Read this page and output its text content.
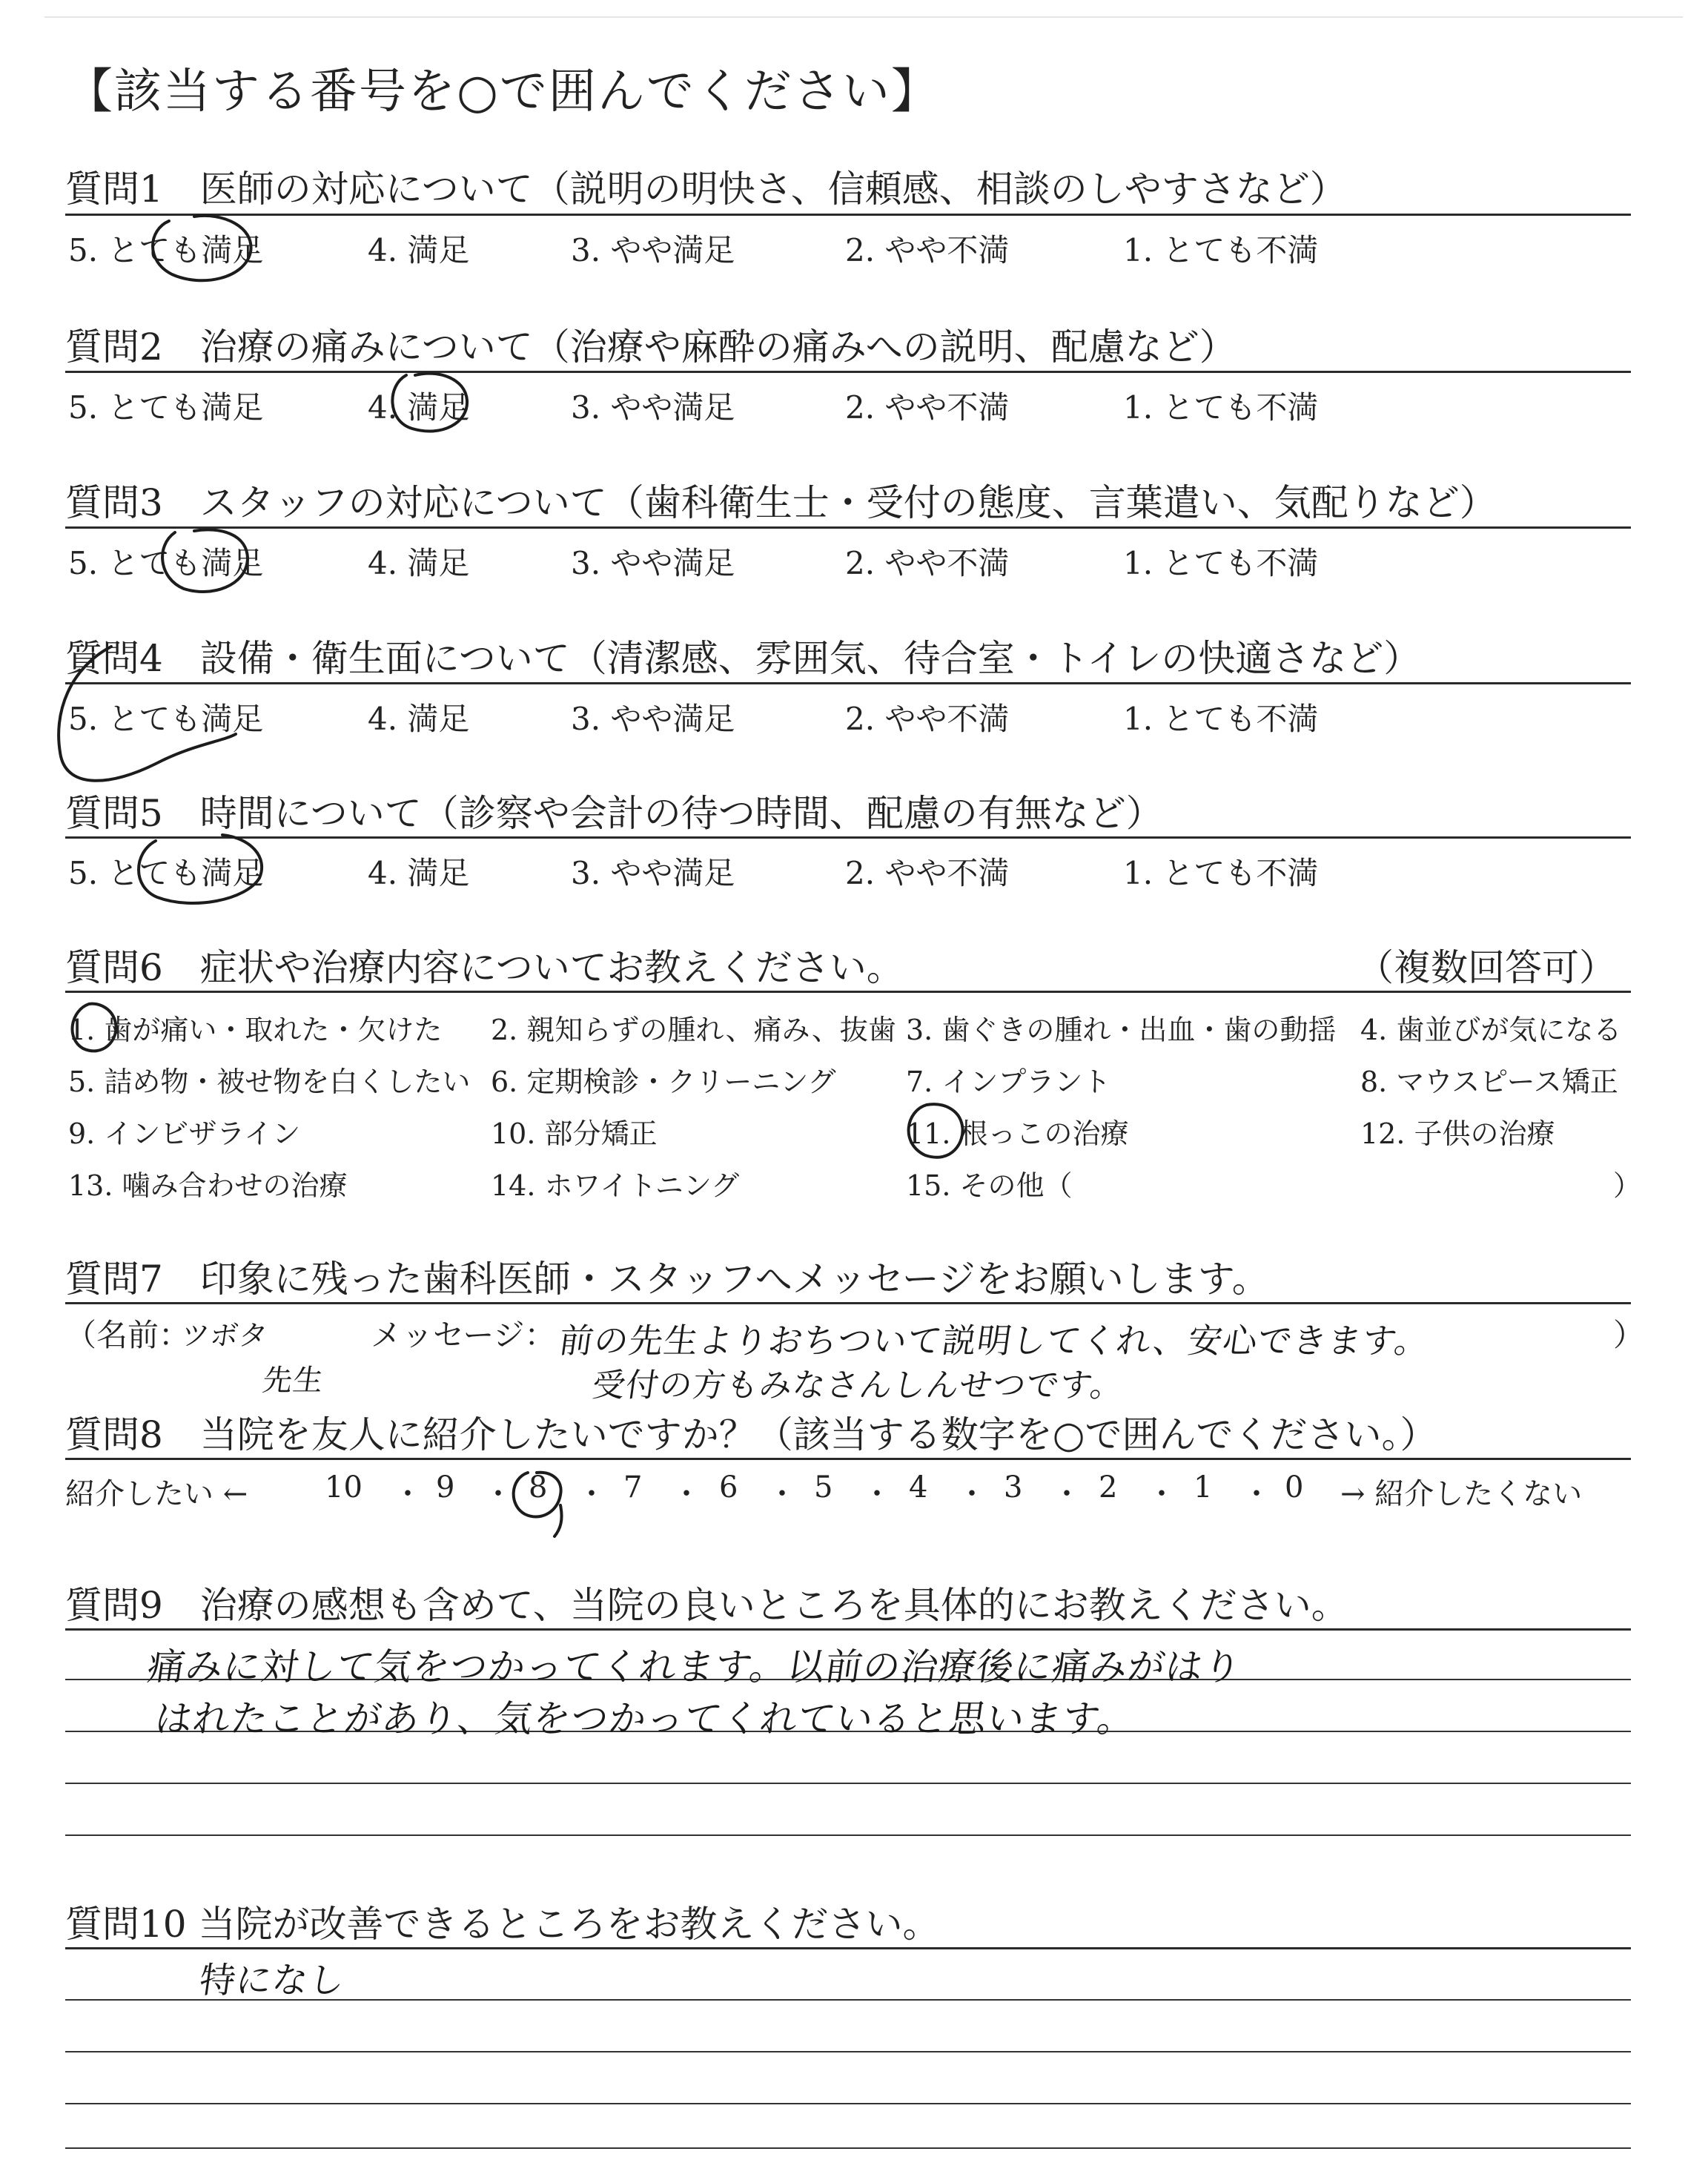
【該当する番号を○で囲んでください】
質問1　医師の対応について（説明の明快さ、信頼感、相談のしやすさなど）
5. とても満足	4. 満足	3. やや満足	2. やや不満	1. とても不満
質問2　治療の痛みについて（治療や麻酔の痛みへの説明、配慮など）
5. とても満足	4. 満足	3. やや満足	2. やや不満	1. とても不満
質問3　スタッフの対応について（歯科衛生士・受付の態度、言葉遣い、気配りなど）
5. とても満足	4. 満足	3. やや満足	2. やや不満	1. とても不満
質問4　設備・衛生面について（清潔感、雰囲気、待合室・トイレの快適さなど）
5. とても満足	4. 満足	3. やや満足	2. やや不満	1. とても不満
質問5　時間について（診察や会計の待つ時間、配慮の有無など）
5. とても満足	4. 満足	3. やや満足	2. やや不満	1. とても不満
質問6　症状や治療内容についてお教えください。	（複数回答可）
1. 歯が痛い・取れた・欠けた 2. 親知らずの腫れ、痛み、抜歯 3. 歯ぐきの腫れ・出血・歯の動揺 4. 歯並びが気になる
5. 詰め物・被せ物を白くしたい 6. 定期検診・クリーニング 7. インプラント	8. マウスピース矯正
9. インビザライン	10. 部分矯正	11. 根っこの治療	12. 子供の治療
13. 噛み合わせの治療	14. ホワイトニング	15. その他（	）
質問7　印象に残った歯科医師・スタッフへメッセージをお願いします。
（名前：	メッセージ：	）
ツボタ
先生
前の先生よりおちついて説明してくれ、安心できます。
受付の方もみなさんしんせつです。
質問8　当院を友人に紹介したいですか？（該当する数字を○で囲んでください。）
紹介したい ←	→ 紹介したくない
10 ・ 9 ・ 8 ・ 7 ・ 6 ・ 5 ・ 4 ・ 3 ・ 2 ・ 1 ・ 0
質問9　治療の感想も含めて、当院の良いところを具体的にお教えください。
痛みに対して気をつかってくれます。以前の治療後に痛みがはり
はれたことがあり、気をつかってくれていると思います。
質問10 当院が改善できるところをお教えください。
特になし
